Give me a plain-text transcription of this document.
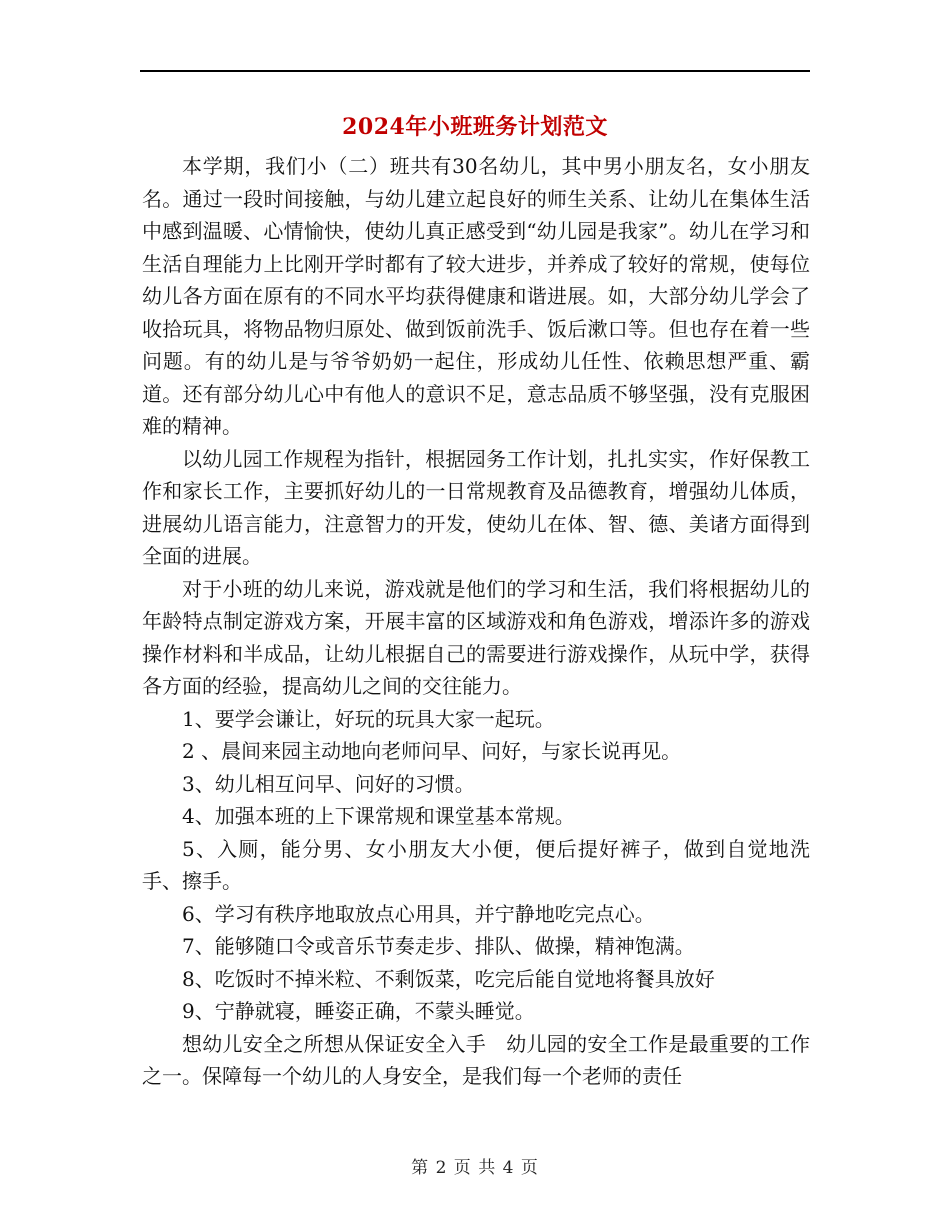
2024年小班班务计划范文

本学期，我们小（二）班共有30名幼儿，其中男小朋友名，女小朋友名。通过一段时间接触，与幼儿建立起良好的师生关系、让幼儿在集体生活中感到温暖、心情愉快，使幼儿真正感受到“幼儿园是我家”。幼儿在学习和生活自理能力上比刚开学时都有了较大进步，并养成了较好的常规，使每位幼儿各方面在原有的不同水平均获得健康和谐进展。如，大部分幼儿学会了收拾玩具，将物品物归原处、做到饭前洗手、饭后漱口等。但也存在着一些问题。有的幼儿是与爷爷奶奶一起住，形成幼儿任性、依赖思想严重、霸道。还有部分幼儿心中有他人的意识不足，意志品质不够坚强，没有克服困难的精神。

以幼儿园工作规程为指针，根据园务工作计划，扎扎实实，作好保教工作和家长工作，主要抓好幼儿的一日常规教育及品德教育，增强幼儿体质，进展幼儿语言能力，注意智力的开发，使幼儿在体、智、德、美诸方面得到全面的进展。

对于小班的幼儿来说，游戏就是他们的学习和生活，我们将根据幼儿的年龄特点制定游戏方案，开展丰富的区域游戏和角色游戏，增添许多的游戏操作材料和半成品，让幼儿根据自己的需要进行游戏操作，从玩中学，获得各方面的经验，提高幼儿之间的交往能力。

1、要学会谦让，好玩的玩具大家一起玩。

2 、晨间来园主动地向老师问早、问好，与家长说再见。

3、幼儿相互问早、问好的习惯。

4、加强本班的上下课常规和课堂基本常规。

5、入厕，能分男、女小朋友大小便，便后提好裤子，做到自觉地洗手、擦手。

6、学习有秩序地取放点心用具，并宁静地吃完点心。

7、能够随口令或音乐节奏走步、排队、做操，精神饱满。

8、吃饭时不掉米粒、不剩饭菜，吃完后能自觉地将餐具放好

9、宁静就寝，睡姿正确，不蒙头睡觉。

想幼儿安全之所想从保证安全入手　幼儿园的安全工作是最重要的工作之一。保障每一个幼儿的人身安全，是我们每一个老师的责任

第 2 页 共 4 页
